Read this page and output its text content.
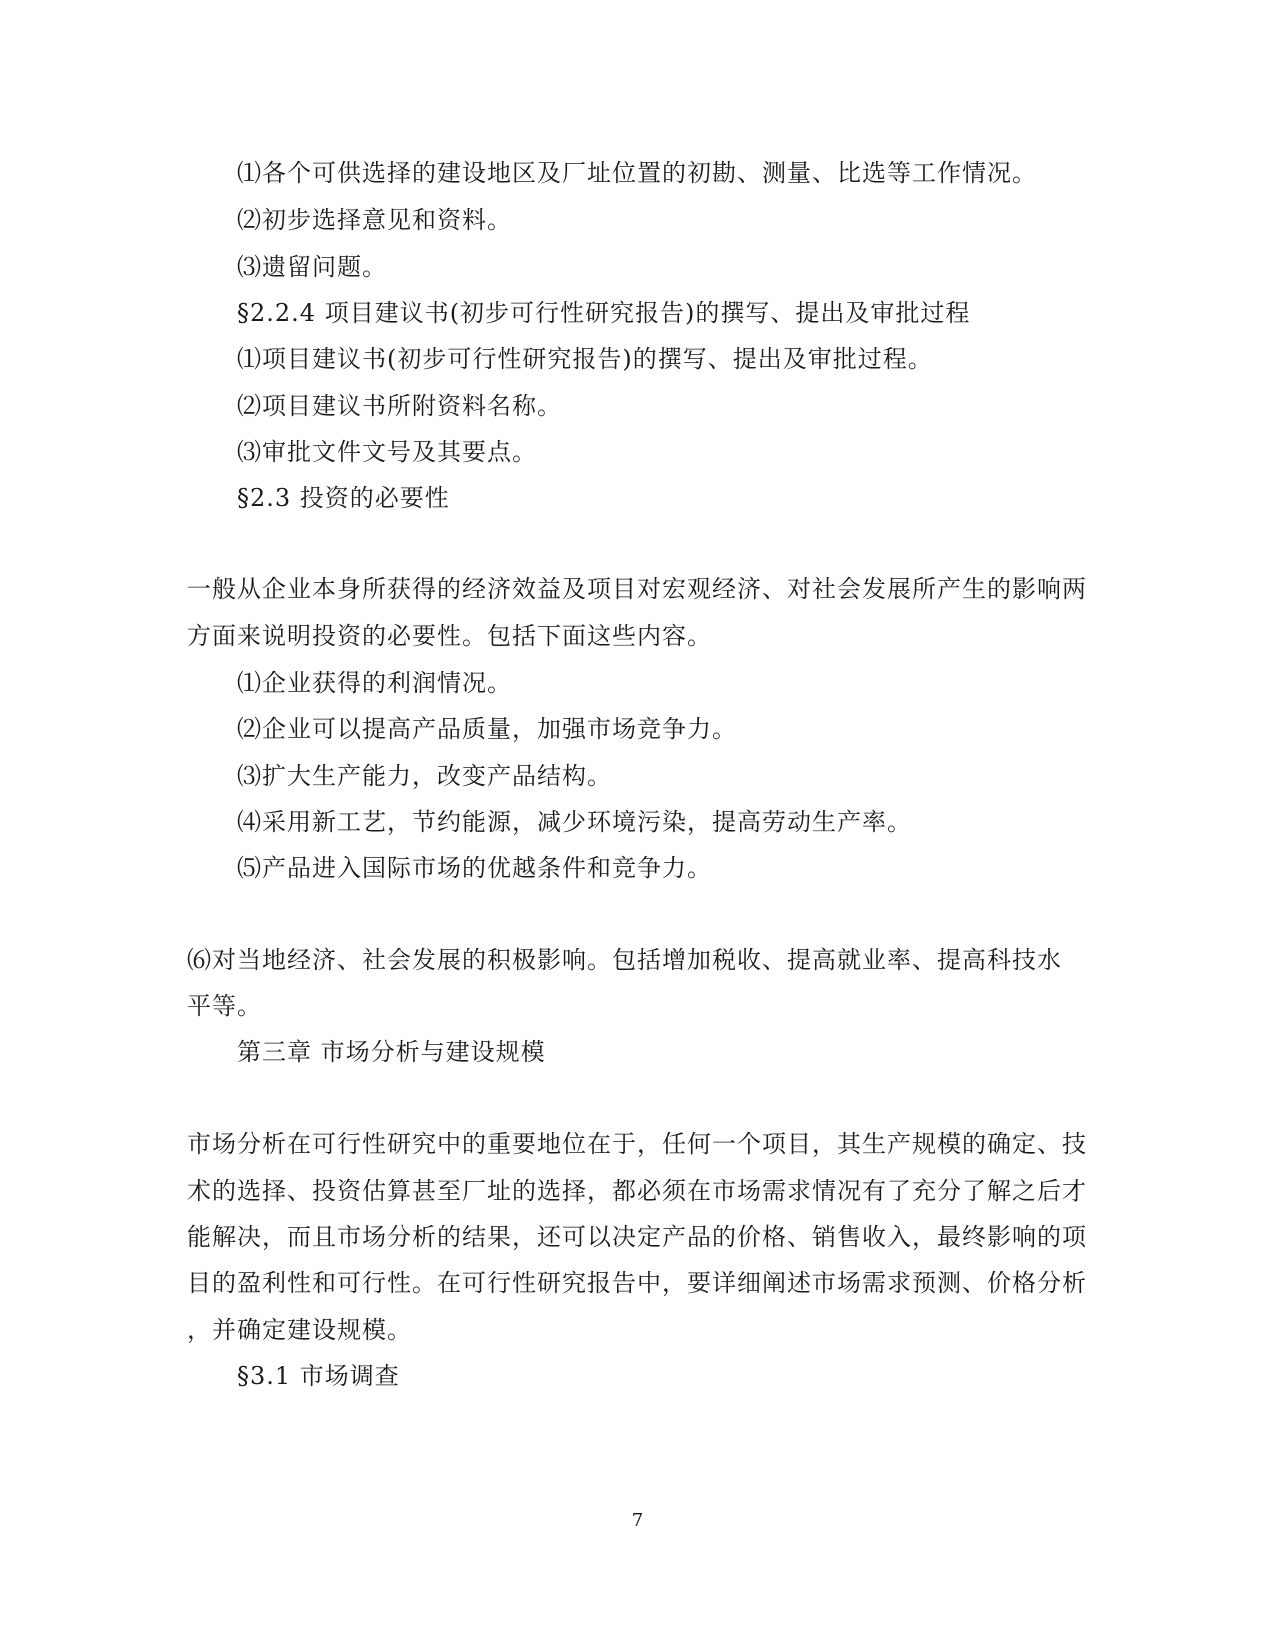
⑴各个可供选择的建设地区及厂址位置的初勘、测量、比选等工作情况。
⑵初步选择意见和资料。
⑶遗留问题。
§2.2.4 项目建议书(初步可行性研究报告)的撰写、提出及审批过程
⑴项目建议书(初步可行性研究报告)的撰写、提出及审批过程。
⑵项目建议书所附资料名称。
⑶审批文件文号及其要点。
§2.3 投资的必要性
一般从企业本身所获得的经济效益及项目对宏观经济、对社会发展所产生的影响两
方面来说明投资的必要性。包括下面这些内容。
⑴企业获得的利润情况。
⑵企业可以提高产品质量，加强市场竞争力。
⑶扩大生产能力，改变产品结构。
⑷采用新工艺，节约能源，减少环境污染，提高劳动生产率。
⑸产品进入国际市场的优越条件和竞争力。
⑹对当地经济、社会发展的积极影响。包括增加税收、提高就业率、提高科技水
平等。
第三章 市场分析与建设规模
市场分析在可行性研究中的重要地位在于，任何一个项目，其生产规模的确定、技
术的选择、投资估算甚至厂址的选择，都必须在市场需求情况有了充分了解之后才
能解决，而且市场分析的结果，还可以决定产品的价格、销售收入，最终影响的项
目的盈利性和可行性。在可行性研究报告中，要详细阐述市场需求预测、价格分析
，并确定建设规模。
§3.1 市场调查
7
